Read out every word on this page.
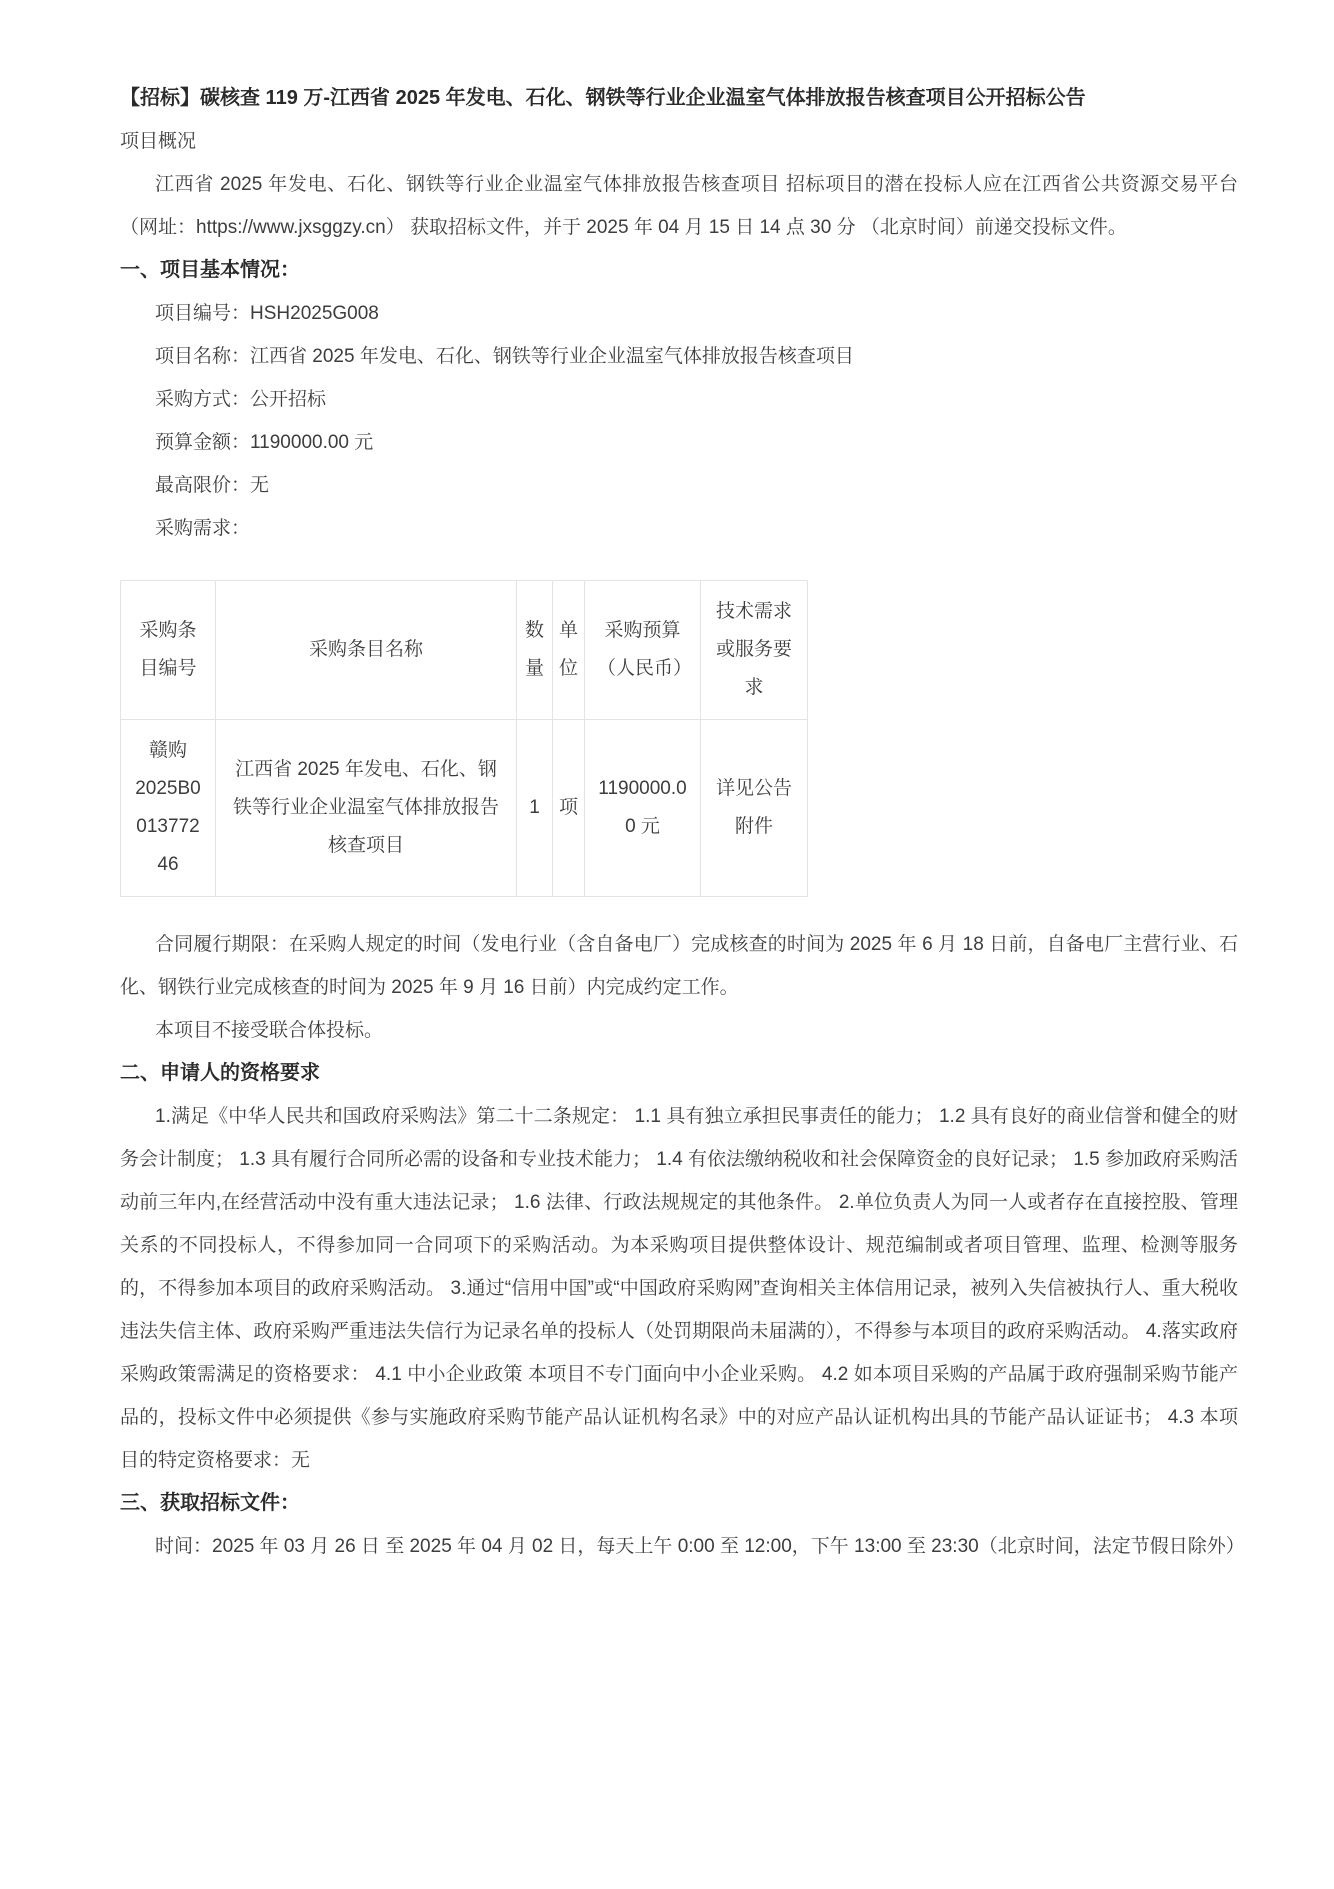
【招标】碳核查 119 万-江西省 2025 年发电、石化、钢铁等行业企业温室气体排放报告核查项目公开招标公告

项目概况

江西省 2025 年发电、石化、钢铁等行业企业温室气体排放报告核查项目 招标项目的潜在投标人应在江西省公共资源交易平台（网址：https://www.jxsggzy.cn） 获取招标文件，并于 2025 年 04 月 15 日 14 点 30 分 （北京时间）前递交投标文件。

一、项目基本情况：

项目编号：HSH2025G008

项目名称：江西省 2025 年发电、石化、钢铁等行业企业温室气体排放报告核查项目

采购方式：公开招标

预算金额：1190000.00 元

最高限价：无

采购需求：

采购条目编号	采购条目名称	数量	单位	采购预算（人民币）	技术需求或服务要求
赣购2025B001377246	江西省 2025 年发电、石化、钢铁等行业企业温室气体排放报告核查项目	1	项	1190000.00 元	详见公告附件

合同履行期限：在采购人规定的时间（发电行业（含自备电厂）完成核查的时间为 2025 年 6 月 18 日前，自备电厂主营行业、石化、钢铁行业完成核查的时间为 2025 年 9 月 16 日前）内完成约定工作。

本项目不接受联合体投标。

二、申请人的资格要求

1.满足《中华人民共和国政府采购法》第二十二条规定： 1.1 具有独立承担民事责任的能力； 1.2 具有良好的商业信誉和健全的财务会计制度； 1.3 具有履行合同所必需的设备和专业技术能力； 1.4 有依法缴纳税收和社会保障资金的良好记录； 1.5 参加政府采购活动前三年内,在经营活动中没有重大违法记录； 1.6 法律、行政法规规定的其他条件。 2.单位负责人为同一人或者存在直接控股、管理关系的不同投标人，不得参加同一合同项下的采购活动。为本采购项目提供整体设计、规范编制或者项目管理、监理、检测等服务的，不得参加本项目的政府采购活动。 3.通过“信用中国”或“中国政府采购网”查询相关主体信用记录，被列入失信被执行人、重大税收违法失信主体、政府采购严重违法失信行为记录名单的投标人（处罚期限尚未届满的），不得参与本项目的政府采购活动。 4.落实政府采购政策需满足的资格要求： 4.1 中小企业政策 本项目不专门面向中小企业采购。 4.2 如本项目采购的产品属于政府强制采购节能产品的，投标文件中必须提供《参与实施政府采购节能产品认证机构名录》中的对应产品认证机构出具的节能产品认证证书； 4.3 本项目的特定资格要求：无

三、获取招标文件：

时间：2025 年 03 月 26 日 至 2025 年 04 月 02 日，每天上午 0:00 至 12:00，下午 13:00 至 23:30（北京时间，法定节假日除外）
